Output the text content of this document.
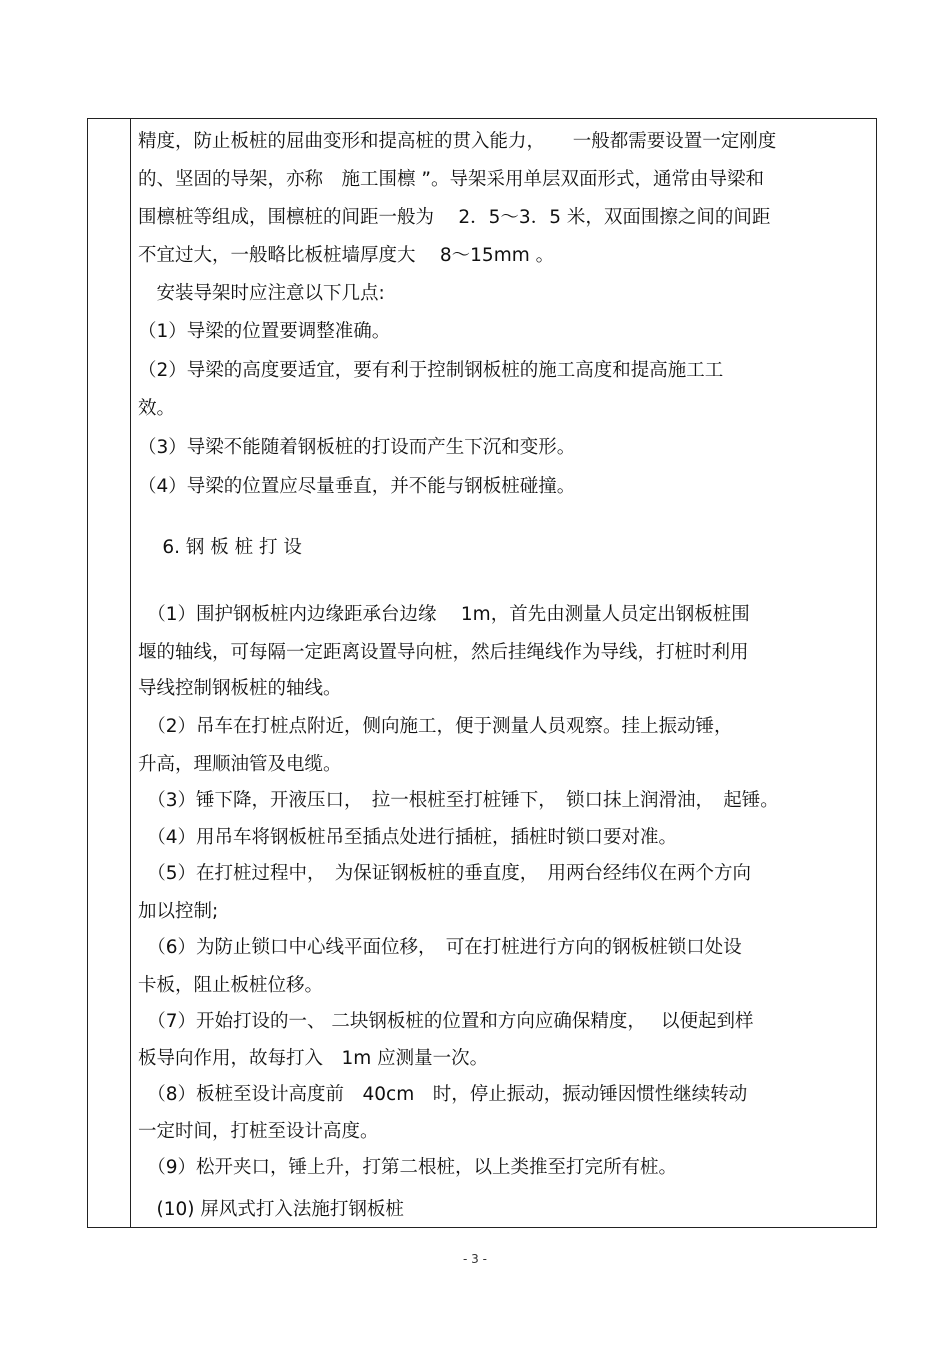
精度，防止板桩的屈曲变形和提高桩的贯入能力，　　一般都需要设置一定刚度
的、坚固的导架，亦称　施工围檩 ”。导架采用单层双面形式，通常由导梁和
围檩桩等组成，围檩桩的间距一般为　 2．5～3．5 米，双面围擦之间的间距
不宜过大，一般略比板桩墙厚度大　 8～15mm 。
　安装导架时应注意以下几点:
（1）导梁的位置要调整准确。
（2）导梁的高度要适宜，要有利于控制钢板桩的施工高度和提高施工工
效。
（3）导梁不能随着钢板桩的打设而产生下沉和变形。
（4）导梁的位置应尽量垂直，并不能与钢板桩碰撞。
　 6. 钢 板 桩 打 设
　（1）围护钢板桩内边缘距承台边缘　 1m，首先由测量人员定出钢板桩围
堰的轴线，可每隔一定距离设置导向桩，然后挂绳线作为导线，打桩时利用
导线控制钢板桩的轴线。
　（2）吊车在打桩点附近，侧向施工，便于测量人员观察。挂上振动锤，
升高，理顺油管及电缆。
　（3）锤下降，开液压口，　拉一根桩至打桩锤下，　锁口抹上润滑油，　起锤。
　（4）用吊车将钢板桩吊至插点处进行插桩，插桩时锁口要对准。
　（5）在打桩过程中，　为保证钢板桩的垂直度，　用两台经纬仪在两个方向
加以控制;
　（6）为防止锁口中心线平面位移，　可在打桩进行方向的钢板桩锁口处设
卡板，阻止板桩位移。
　（7）开始打设的一、 二块钢板桩的位置和方向应确保精度，　 以便起到样
板导向作用，故每打入　1m 应测量一次。
　（8）板桩至设计高度前　40cm　时，停止振动，振动锤因惯性继续转动
一定时间，打桩至设计高度。
　（9）松开夹口，锤上升，打第二根桩，以上类推至打完所有桩。
　(10) 屏风式打入法施打钢板桩
- 3 -
